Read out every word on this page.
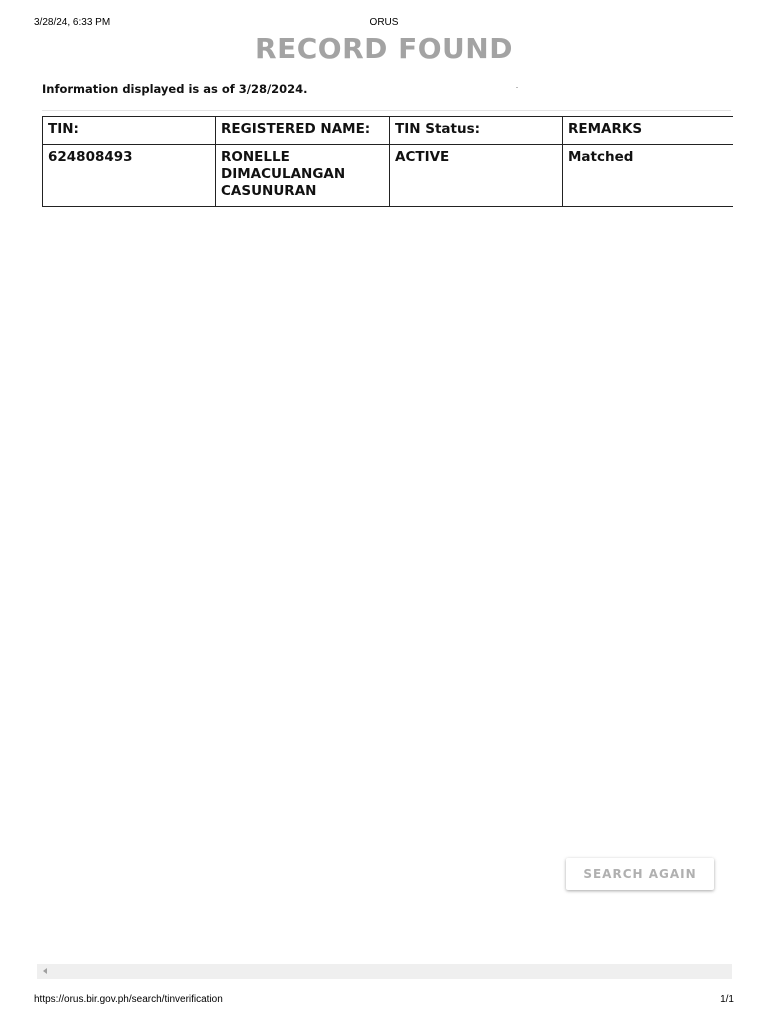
3/28/24, 6:33 PM	ORUS
RECORD FOUND
Information displayed is as of 3/28/2024.
TIN:	REGISTERED NAME:	TIN Status:	REMARKS
624808493	RONELLE DIMACULANGAN CASUNURAN	ACTIVE	Matched
SEARCH AGAIN
https://orus.bir.gov.ph/search/tinverification	1/1
